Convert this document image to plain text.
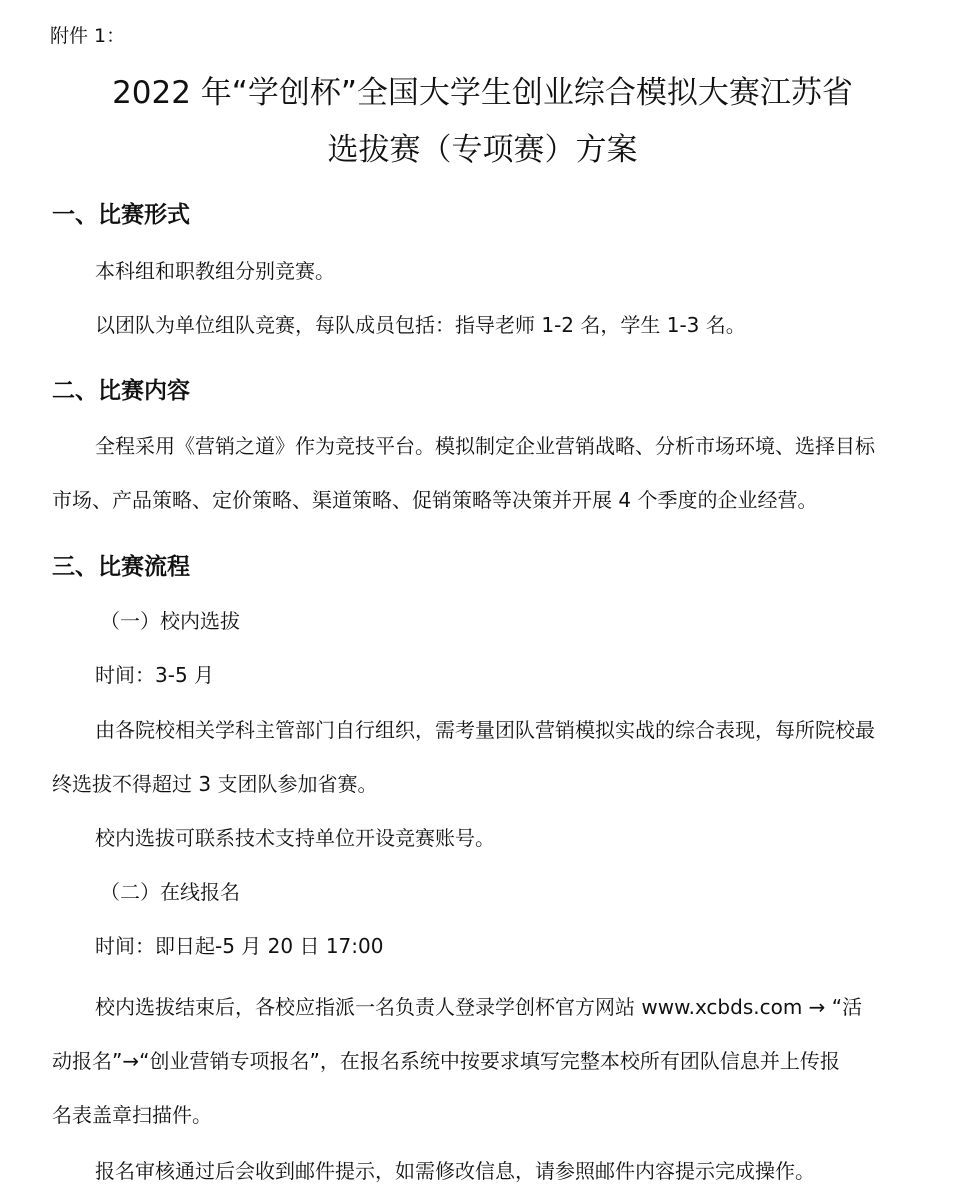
附件 1：
2022 年“学创杯”全国大学生创业综合模拟大赛江苏省
选拔赛（专项赛）方案
一、比赛形式
本科组和职教组分别竞赛。
以团队为单位组队竞赛，每队成员包括：指导老师 1-2 名，学生 1-3 名。
二、比赛内容
全程采用《营销之道》作为竞技平台。模拟制定企业营销战略、分析市场环境、选择目标
市场、产品策略、定价策略、渠道策略、促销策略等决策并开展 4 个季度的企业经营。
三、比赛流程
（一）校内选拔
时间：3-5 月
由各院校相关学科主管部门自行组织，需考量团队营销模拟实战的综合表现，每所院校最
终选拔不得超过 3 支团队参加省赛。
校内选拔可联系技术支持单位开设竞赛账号。
（二）在线报名
时间：即日起-5 月 20 日 17:00
校内选拔结束后，各校应指派一名负责人登录学创杯官方网站 www.xcbds.com → “活
动报名”→“创业营销专项报名”，在报名系统中按要求填写完整本校所有团队信息并上传报
名表盖章扫描件。
报名审核通过后会收到邮件提示，如需修改信息，请参照邮件内容提示完成操作。
